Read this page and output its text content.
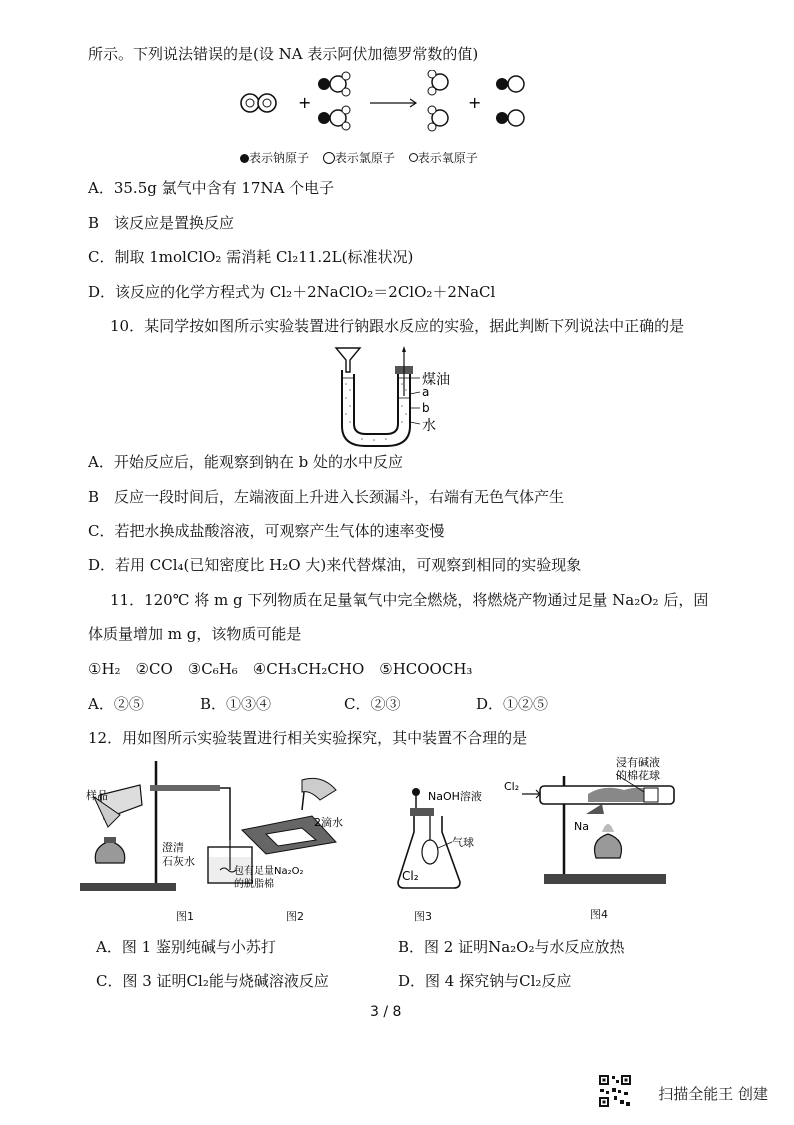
所示。下列说法错误的是(设 NA 表示阿伏加德罗常数的值)
+	+
表示钠原子 表示氯原子 表示氧原子
A．35.5g 氯气中含有 17NA 个电子
B　该反应是置换反应
C．制取 1molClO₂ 需消耗 Cl₂11.2L(标准状况)
D．该反应的化学方程式为 Cl₂＋2NaClO₂＝2ClO₂＋2NaCl
10．某同学按如图所示实验装置进行钠跟水反应的实验，据此判断下列说法中正确的是
煤油
a
b
水
A．开始反应后，能观察到钠在 b 处的水中反应
B　反应一段时间后，左端液面上升进入长颈漏斗，右端有无色气体产生
C．若把水换成盐酸溶液，可观察产生气体的速率变慢
D．若用 CCl₄(已知密度比 H₂O 大)来代替煤油，可观察到相同的实验现象
11．120℃ 将 m g 下列物质在足量氧气中完全燃烧，将燃烧产物通过足量 Na₂O₂ 后，固
体质量增加 m g，该物质可能是
①H₂　②CO　③C₆H₆　④CH₃CH₂CHO　⑤HCOOCH₃
A．②⑤	B．①③④	C．②③	D．①②⑤
12．用如图所示实验装置进行相关实验探究，其中装置不合理的是
样品
澄清
石灰水
图1
2滴水
包有足量Na₂O₂
的脱脂棉
图2
NaOH溶液
气球
Cl₂
图3
Cl₂
Na
浸有碱液
的棉花球
图4
A．图 1 鉴别纯碱与小苏打	B．图 2 证明Na₂O₂与水反应放热
C．图 3 证明Cl₂能与烧碱溶液反应	D．图 4 探究钠与Cl₂反应
3 / 8
扫描全能王 创建
